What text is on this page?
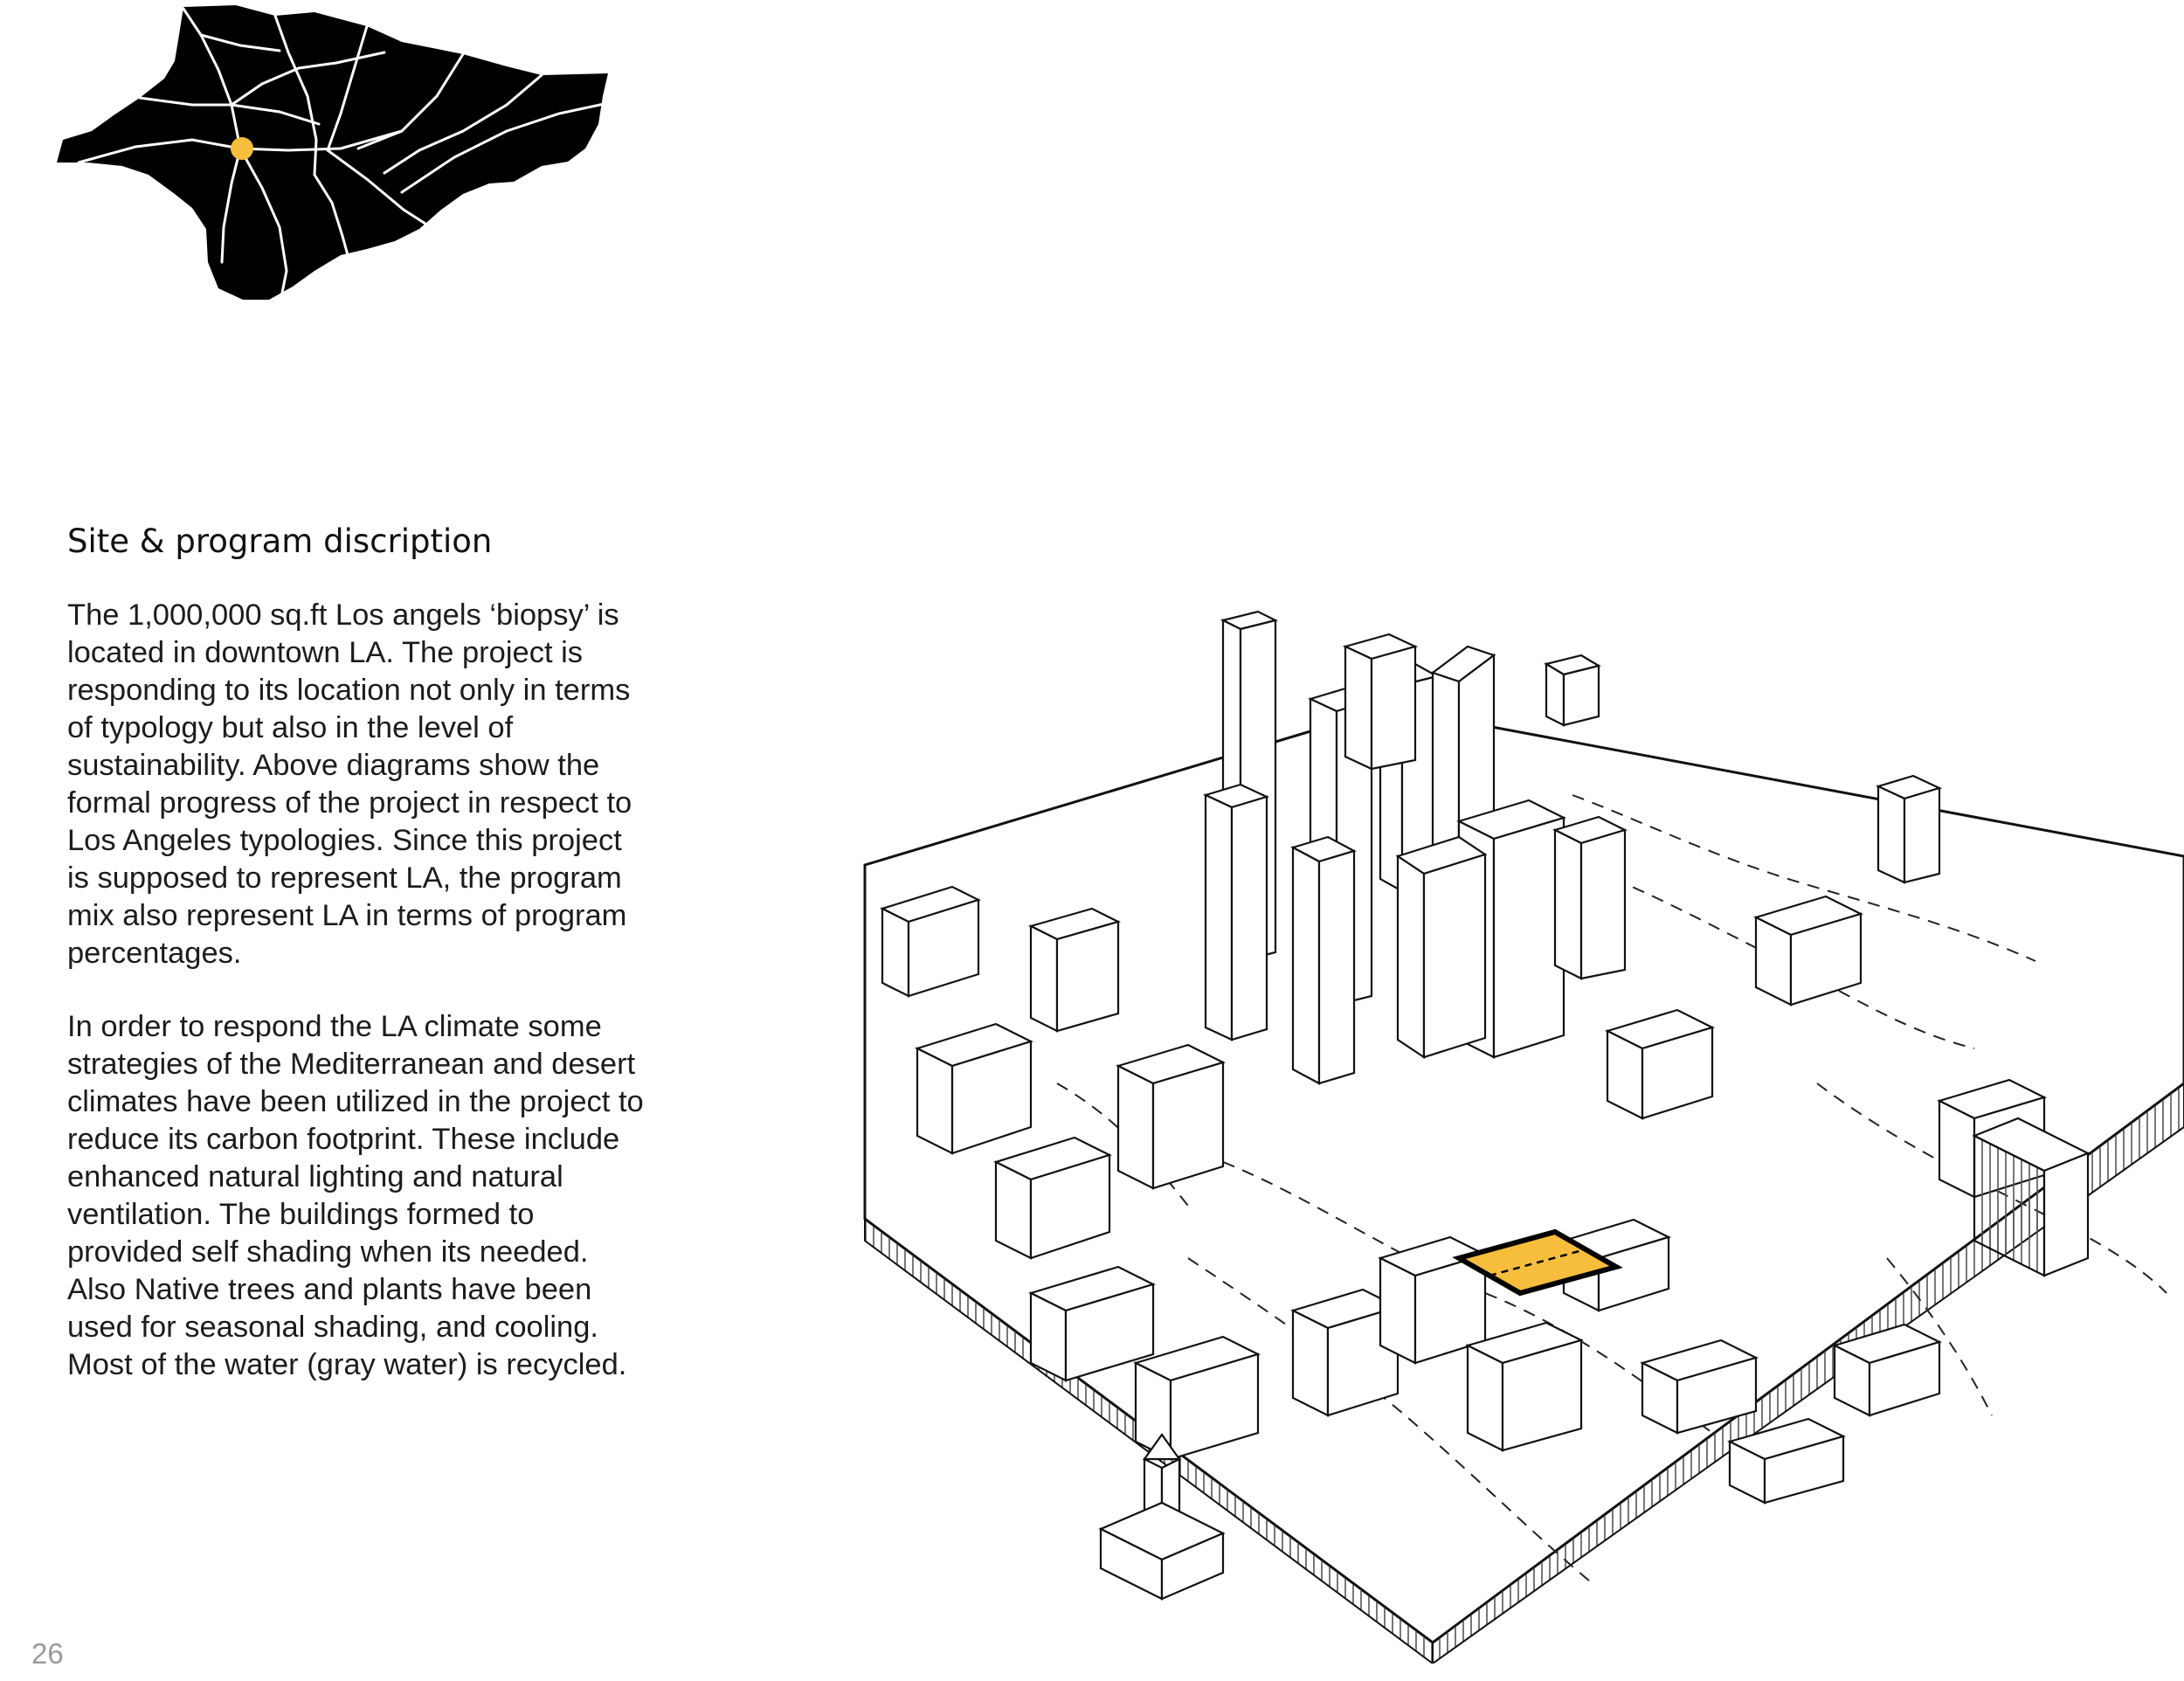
Site & program discription

The 1,000,000 sq.ft Los angels ‘biopsy’ is located in downtown LA. The project is responding to its location not only in terms of typology but also in the level of sustainability. Above diagrams show the formal progress of the project in respect to Los Angeles typologies. Since this project is supposed to represent LA, the program mix also represent LA in terms of program percentages.

In order to respond the LA climate some strategies of the Mediterranean and desert climates have been utilized in the project to reduce its carbon footprint. These include enhanced natural lighting and natural ventilation. The buildings formed to provided self shading when its needed. Also Native trees and plants have been used for seasonal shading, and cooling. Most of the water (gray water) is recycled.

26
